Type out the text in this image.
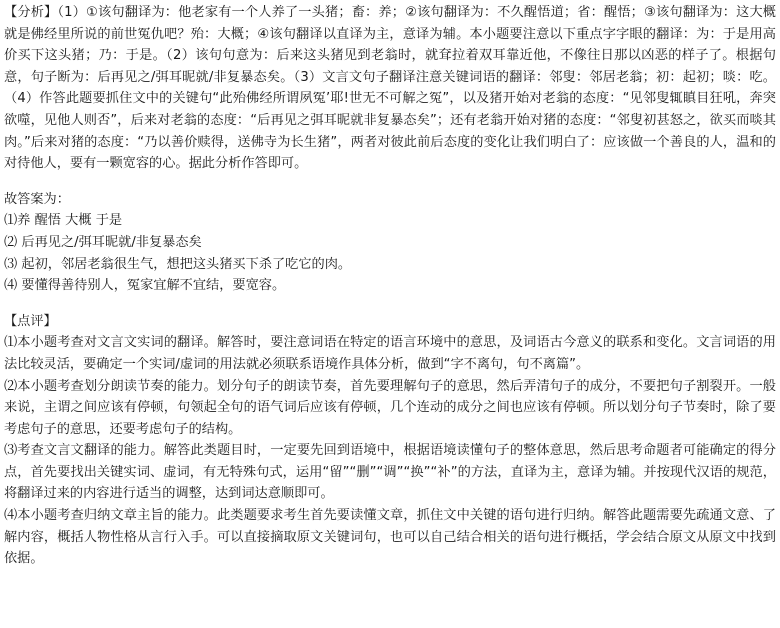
【分析】（1）①该句翻译为：他老家有一个人养了一头猪；畜：养；②该句翻译为：不久醒悟道；省：醒悟；③该句翻译为：这大概就是佛经里所说的前世冤仇吧？殆：大概；④该句翻译以直译为主，意译为辅。本小题要注意以下重点字字眼的翻译：为：于是用高价买下这头猪；乃：于是。（2）该句句意为：后来这头猪见到老翁时，就耷拉着双耳靠近他，不像往日那以凶恶的样子了。根据句意，句子断为：后再见之/弭耳昵就/非复暴态矣。（3）文言文句子翻译注意关键词语的翻译：邻叟：邻居老翁；初：起初；啖：吃。（4）作答此题要抓住文中的关键句“此殆佛经所谓夙冤’耶!世无不可解之冤”，以及猪开始对老翁的态度：“见邻叟辄瞋目狂吼，奔突欲噬，见他人则否”，后来对老翁的态度：“后再见之弭耳昵就非复暴态矣”；还有老翁开始对猪的态度：“邻叟初甚怒之，欲买而啖其肉。”后来对猪的态度：“乃以善价赎得，送佛寺为长生猪”，两者对彼此前后态度的变化让我们明白了：应该做一个善良的人，温和的对待他人，要有一颗宽容的心。据此分析作答即可。

故答案为：

⑴养 醒悟 大概 于是

⑵ 后再见之/弭耳昵就/非复暴态矣

⑶ 起初，邻居老翁很生气，想把这头猪买下杀了吃它的肉。

⑷ 要懂得善待别人，冤家宜解不宜结，要宽容。

【点评】

⑴本小题考查对文言文实词的翻译。解答时，要注意词语在特定的语言环境中的意思，及词语古今意义的联系和变化。文言词语的用法比较灵活，要确定一个实词/虚词的用法就必须联系语境作具体分析，做到“字不离句，句不离篇”。

⑵本小题考查划分朗读节奏的能力。划分句子的朗读节奏，首先要理解句子的意思，然后弄清句子的成分，不要把句子割裂开。一般来说，主谓之间应该有停顿，句领起全句的语气词后应该有停顿，几个连动的成分之间也应该有停顿。所以划分句子节奏时，除了要考虑句子的意思，还要考虑句子的结构。

⑶考查文言文翻译的能力。解答此类题目时，一定要先回到语境中，根据语境读懂句子的整体意思，然后思考命题者可能确定的得分点，首先要找出关键实词、虚词，有无特殊句式，运用“留”“删”“调”“换”“补”的方法，直译为主，意译为辅。并按现代汉语的规范，将翻译过来的内容进行适当的调整，达到词达意顺即可。

⑷本小题考查归纳文章主旨的能力。此类题要求考生首先要读懂文章，抓住文中关键的语句进行归纳。解答此题需要先疏通文意、了解内容，概括人物性格从言行入手。可以直接摘取原文关键词句，也可以自己结合相关的语句进行概括，学会结合原文从原文中找到依据。
